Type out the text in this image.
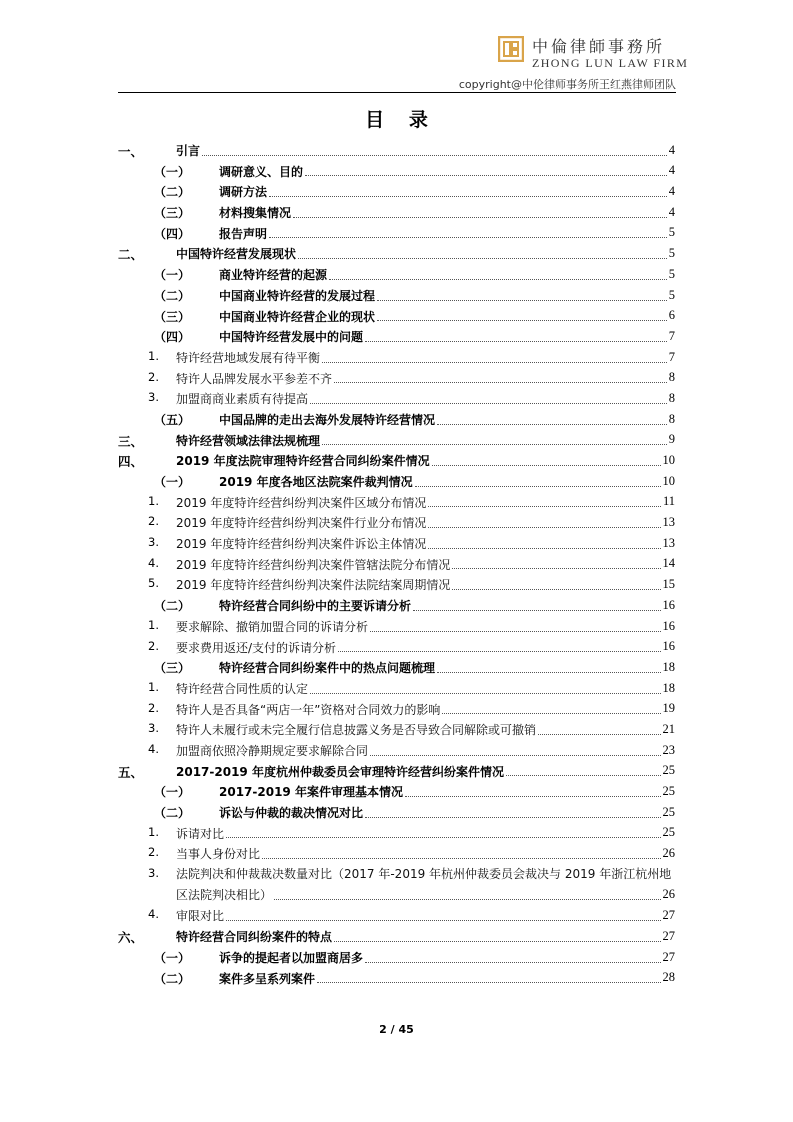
中倫律師事務所
ZHONG LUN LAW FIRM
copyright@中伦律师事务所王红燕律师团队
目 录
一、	引言	4
（一） 调研意义、目的	4
（二） 调研方法	4
（三） 材料搜集情况	4
（四） 报告声明	5
二、	中国特许经营发展现状	5
（一） 商业特许经营的起源	5
（二） 中国商业特许经营的发展过程	5
（三） 中国商业特许经营企业的现状	6
（四） 中国特许经营发展中的问题	7
1. 特许经营地域发展有待平衡	7
2. 特许人品牌发展水平参差不齐	8
3. 加盟商商业素质有待提高	8
（五） 中国品牌的走出去海外发展特许经营情况	8
三、	特许经营领域法律法规梳理	9
四、	2019 年度法院审理特许经营合同纠纷案件情况	10
（一） 2019 年度各地区法院案件裁判情况	10
1. 2019 年度特许经营纠纷判决案件区域分布情况	11
2. 2019 年度特许经营纠纷判决案件行业分布情况	13
3. 2019 年度特许经营纠纷判决案件诉讼主体情况	13
4. 2019 年度特许经营纠纷判决案件管辖法院分布情况	14
5. 2019 年度特许经营纠纷判决案件法院结案周期情况	15
（二） 特许经营合同纠纷中的主要诉请分析	16
1. 要求解除、撤销加盟合同的诉请分析	16
2. 要求费用返还/支付的诉请分析	16
（三） 特许经营合同纠纷案件中的热点问题梳理	18
1. 特许经营合同性质的认定	18
2. 特许人是否具备“两店一年”资格对合同效力的影响	19
3. 特许人未履行或未完全履行信息披露义务是否导致合同解除或可撤销	21
4. 加盟商依照冷静期规定要求解除合同	23
五、	2017-2019 年度杭州仲裁委员会审理特许经营纠纷案件情况	25
（一） 2017-2019 年案件审理基本情况	25
（二） 诉讼与仲裁的裁决情况对比	25
1. 诉请对比	25
2. 当事人身份对比	26
3. 法院判决和仲裁裁决数量对比（2017 年-2019 年杭州仲裁委员会裁决与 2019 年浙江杭州地区法院判决相比）	26
4. 审限对比	27
六、	特许经营合同纠纷案件的特点	27
（一） 诉争的提起者以加盟商居多	27
（二） 案件多呈系列案件	28
2 / 45
